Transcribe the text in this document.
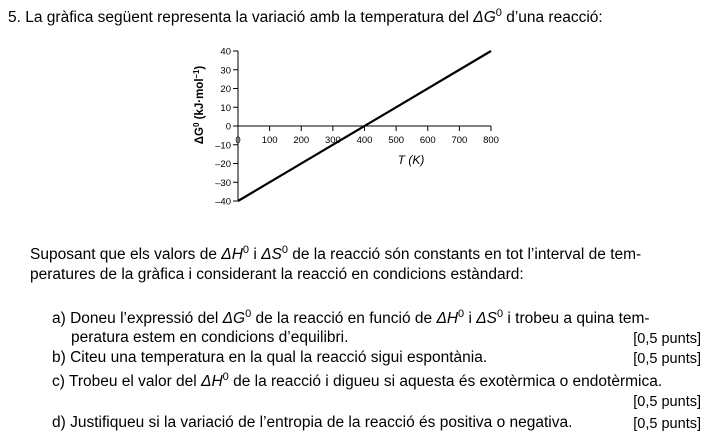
5. La gràfica següent representa la variació amb la temperatura del $\Delta G^0$ d’una reacció:
40
30
20
10
0
–10
–20
–30
–40
0 100 200 300 400 500 600 700 800
$\Delta G^0$ (kJ·mol$^{-1}$)
T (K)
Suposant que els valors de $\Delta H^0$ i $\Delta S^0$ de la reacció són constants en tot l’interval de tem-
peratures de la gràfica i considerant la reacció en condicions estàndard:
a) Doneu l’expressió del $\Delta G^0$ de la reacció en funció de $\Delta H^0$ i $\Delta S^0$ i trobeu a quina tem-
peratura estem en condicions d’equilibri.	[0,5 punts]
b) Citeu una temperatura en la qual la reacció sigui espontània.	[0,5 punts]
c) Trobeu el valor del $\Delta H^0$ de la reacció i digueu si aquesta és exotèrmica o endotèrmica.
[0,5 punts]
d) Justifiqueu si la variació de l’entropia de la reacció és positiva o negativa.	[0,5 punts]
